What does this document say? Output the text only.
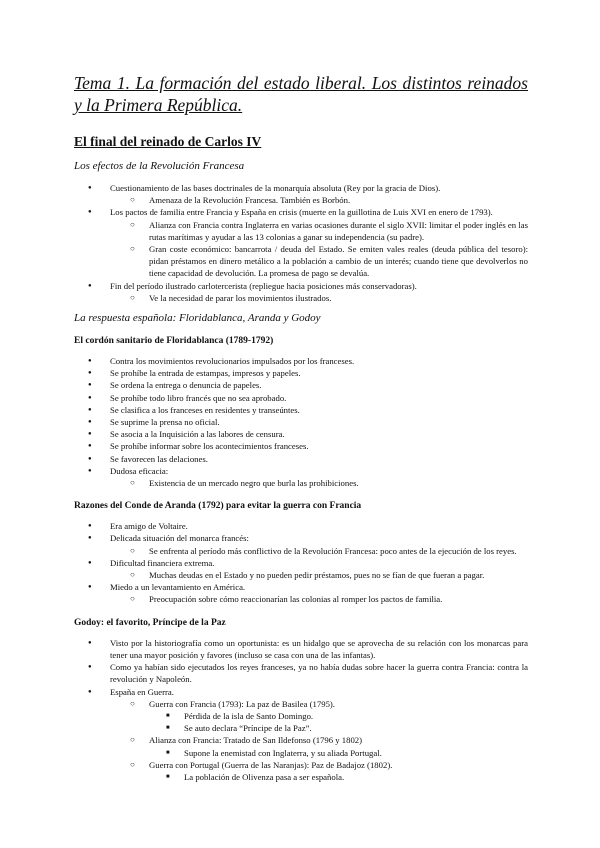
Tema 1. La formación del estado liberal. Los distintos reinados y la Primera República.
El final del reinado de Carlos IV
Los efectos de la Revolución Francesa
● Cuestionamiento de las bases doctrinales de la monarquía absoluta (Rey por la gracia de Dios).
○ Amenaza de la Revolución Francesa. También es Borbón.
● Los pactos de familia entre Francia y España en crisis (muerte en la guillotina de Luis XVI en enero de 1793).
○ Alianza con Francia contra Inglaterra en varias ocasiones durante el siglo XVII: limitar el poder inglés en las rutas marítimas y ayudar a las 13 colonias a ganar su independencia (su padre).
○ Gran coste económico: bancarrota / deuda del Estado. Se emiten vales reales (deuda pública del tesoro): pidan préstamos en dinero metálico a la población a cambio de un interés; cuando tiene que devolverlos no tiene capacidad de devolución. La promesa de pago se devalúa.
● Fin del período ilustrado carlotercerista (repliegue hacia posiciones más conservadoras).
○ Ve la necesidad de parar los movimientos ilustrados.
La respuesta española: Floridablanca, Aranda y Godoy
El cordón sanitario de Floridablanca (1789-1792)
● Contra los movimientos revolucionarios impulsados por los franceses.
● Se prohíbe la entrada de estampas, impresos y papeles.
● Se ordena la entrega o denuncia de papeles.
● Se prohíbe todo libro francés que no sea aprobado.
● Se clasifica a los franceses en residentes y transeúntes.
● Se suprime la prensa no oficial.
● Se asocia a la Inquisición a las labores de censura.
● Se prohíbe informar sobre los acontecimientos franceses.
● Se favorecen las delaciones.
● Dudosa eficacia:
○ Existencia de un mercado negro que burla las prohibiciones.
Razones del Conde de Aranda (1792) para evitar la guerra con Francia
● Era amigo de Voltaire.
● Delicada situación del monarca francés:
○ Se enfrenta al período más conflictivo de la Revolución Francesa: poco antes de la ejecución de los reyes.
● Dificultad financiera extrema.
○ Muchas deudas en el Estado y no pueden pedir préstamos, pues no se fían de que fueran a pagar.
● Miedo a un levantamiento en América.
○ Preocupación sobre cómo reaccionarían las colonias al romper los pactos de familia.
Godoy: el favorito, Príncipe de la Paz
● Visto por la historiografía como un oportunista: es un hidalgo que se aprovecha de su relación con los monarcas para tener una mayor posición y favores (incluso se casa con una de las infantas).
● Como ya habían sido ejecutados los reyes franceses, ya no había dudas sobre hacer la guerra contra Francia: contra la revolución y Napoleón.
● España en Guerra.
○ Guerra con Francia (1793): La paz de Basilea (1795).
■ Pérdida de la isla de Santo Domingo.
■ Se auto declara “Príncipe de la Paz”.
○ Alianza con Francia: Tratado de San Ildefonso (1796 y 1802)
■ Supone la enemistad con Inglaterra, y su aliada Portugal.
○ Guerra con Portugal (Guerra de las Naranjas): Paz de Badajoz (1802).
■ La población de Olivenza pasa a ser española.
